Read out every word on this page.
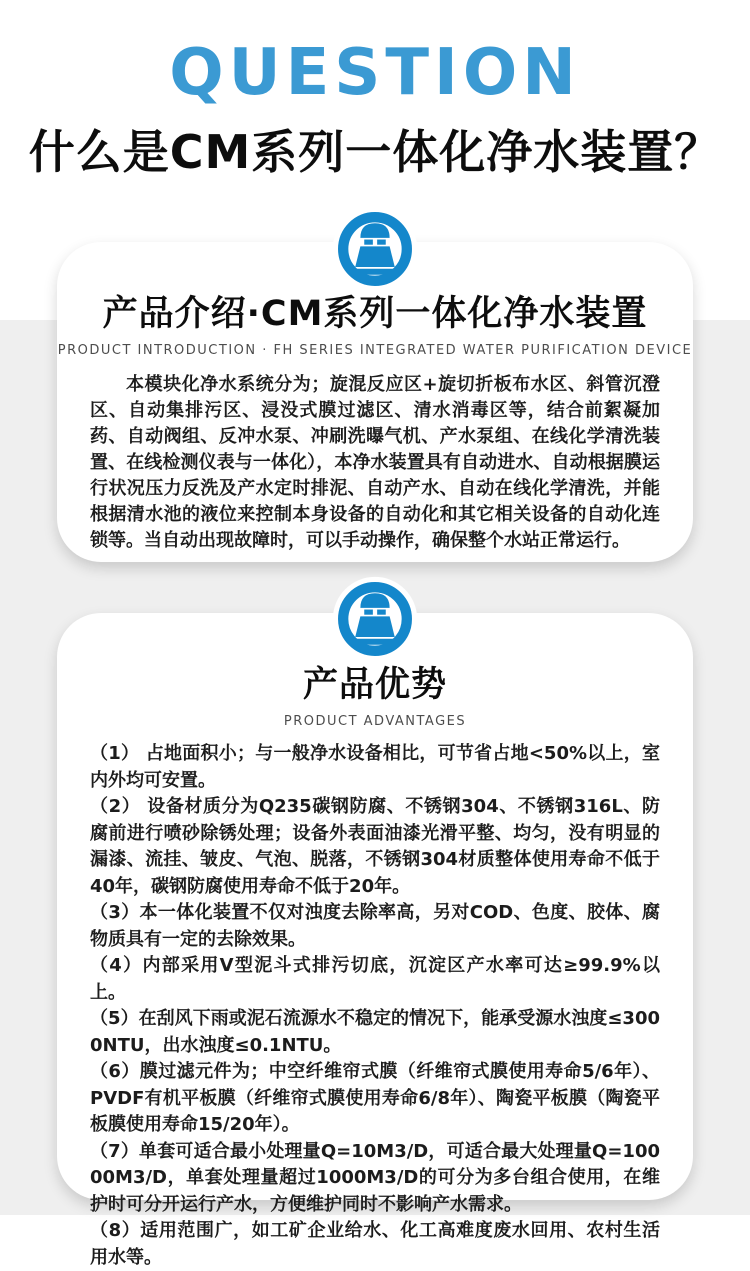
QUESTION
什么是CM系列一体化净水装置？
产品介绍·CM系列一体化净水装置
PRODUCT INTRODUCTION · FH SERIES INTEGRATED WATER PURIFICATION DEVICE

本模块化净水系统分为；旋混反应区+旋切折板布水区、斜管沉澄区、自动集排污区、浸没式膜过滤区、清水消毒区等，结合前絮凝加药、自动阀组、反冲水泵、冲刷洗曝气机、产水泵组、在线化学清洗装置、在线检测仪表与一体化），本净水装置具有自动进水、自动根据膜运行状况压力反洗及产水定时排泥、自动产水、自动在线化学清洗，并能根据清水池的液位来控制本身设备的自动化和其它相关设备的自动化连锁等。当自动出现故障时，可以手动操作，确保整个水站正常运行。

产品优势
PRODUCT ADVANTAGES

（1） 占地面积小；与一般净水设备相比，可节省占地<50%以上，室内外均可安置。

（2） 设备材质分为Q235碳钢防腐、不锈钢304、不锈钢316L、防腐前进行喷砂除锈处理；设备外表面油漆光滑平整、均匀，没有明显的漏漆、流挂、皱皮、气泡、脱落，不锈钢304材质整体使用寿命不低于40年，碳钢防腐使用寿命不低于20年。

（3）本一体化装置不仅对浊度去除率高，另对COD、色度、胶体、腐物质具有一定的去除效果。

（4）内部采用V型泥斗式排污切底，沉淀区产水率可达≥99.9%以上。

（5）在刮风下雨或泥石流源水不稳定的情况下，能承受源水浊度≤3000NTU，出水浊度≤0.1NTU。

（6）膜过滤元件为；中空纤维帘式膜（纤维帘式膜使用寿命5/6年）、PVDF有机平板膜（纤维帘式膜使用寿命6/8年）、陶瓷平板膜（陶瓷平板膜使用寿命15/20年）。

（7）单套可适合最小处理量Q=10M3/D，可适合最大处理量Q=10000M3/D，单套处理量超过1000M3/D的可分为多台组合使用，在维护时可分开运行产水，方便维护同时不影响产水需求。

（8）适用范围广，如工矿企业给水、化工高难度废水回用、农村生活用水等。
